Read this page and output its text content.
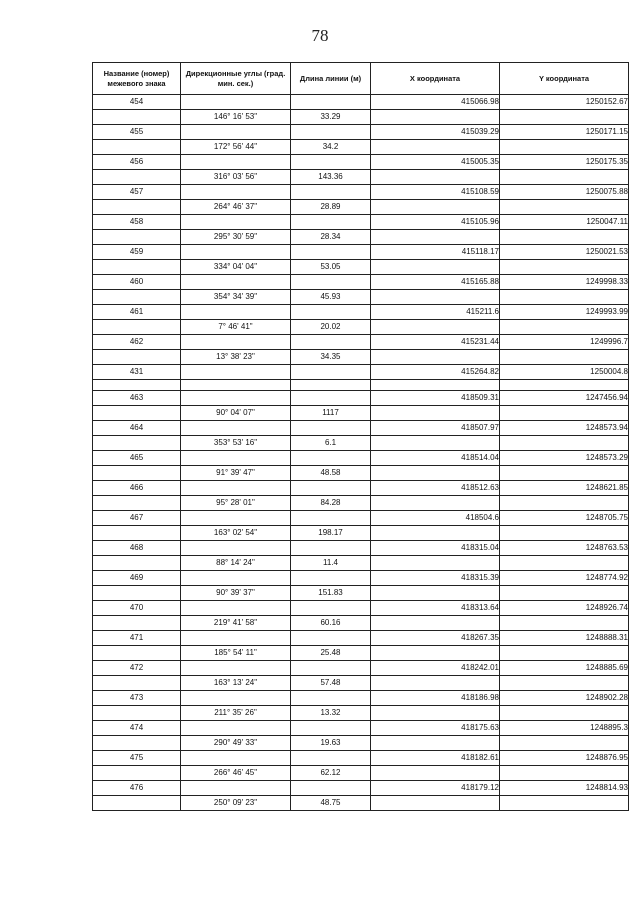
78
Название (номер) межевого знака	Дирекционные углы (град. мин. сек.)	Длина линии (м)	X координата	Y координата
454			415066.98	1250152.67
	146° 16' 53"	33.29		
455			415039.29	1250171.15
	172° 56' 44"	34.2		
456			415005.35	1250175.35
	316° 03' 56"	143.36		
457			415108.59	1250075.88
	264° 46' 37"	28.89		
458			415105.96	1250047.11
	295° 30' 59"	28.34		
459			415118.17	1250021.53
	334° 04' 04"	53.05		
460			415165.88	1249998.33
	354° 34' 39"	45.93		
461			415211.6	1249993.99
	7° 46' 41"	20.02		
462			415231.44	1249996.7
	13° 38' 23"	34.35		
431			415264.82	1250004.8

463			418509.31	1247456.94
	90° 04' 07"	1117		
464			418507.97	1248573.94
	353° 53' 16"	6.1		
465			418514.04	1248573.29
	91° 39' 47"	48.58		
466			418512.63	1248621.85
	95° 28' 01"	84.28		
467			418504.6	1248705.75
	163° 02' 54"	198.17		
468			418315.04	1248763.53
	88° 14' 24"	11.4		
469			418315.39	1248774.92
	90° 39' 37"	151.83		
470			418313.64	1248926.74
	219° 41' 58"	60.16		
471			418267.35	1248888.31
	185° 54' 11"	25.48		
472			418242.01	1248885.69
	163° 13' 24"	57.48		
473			418186.98	1248902.28
	211° 35' 26"	13.32		
474			418175.63	1248895.3
	290° 49' 33"	19.63		
475			418182.61	1248876.95
	266° 46' 45"	62.12		
476			418179.12	1248814.93
	250° 09' 23"	48.75		
